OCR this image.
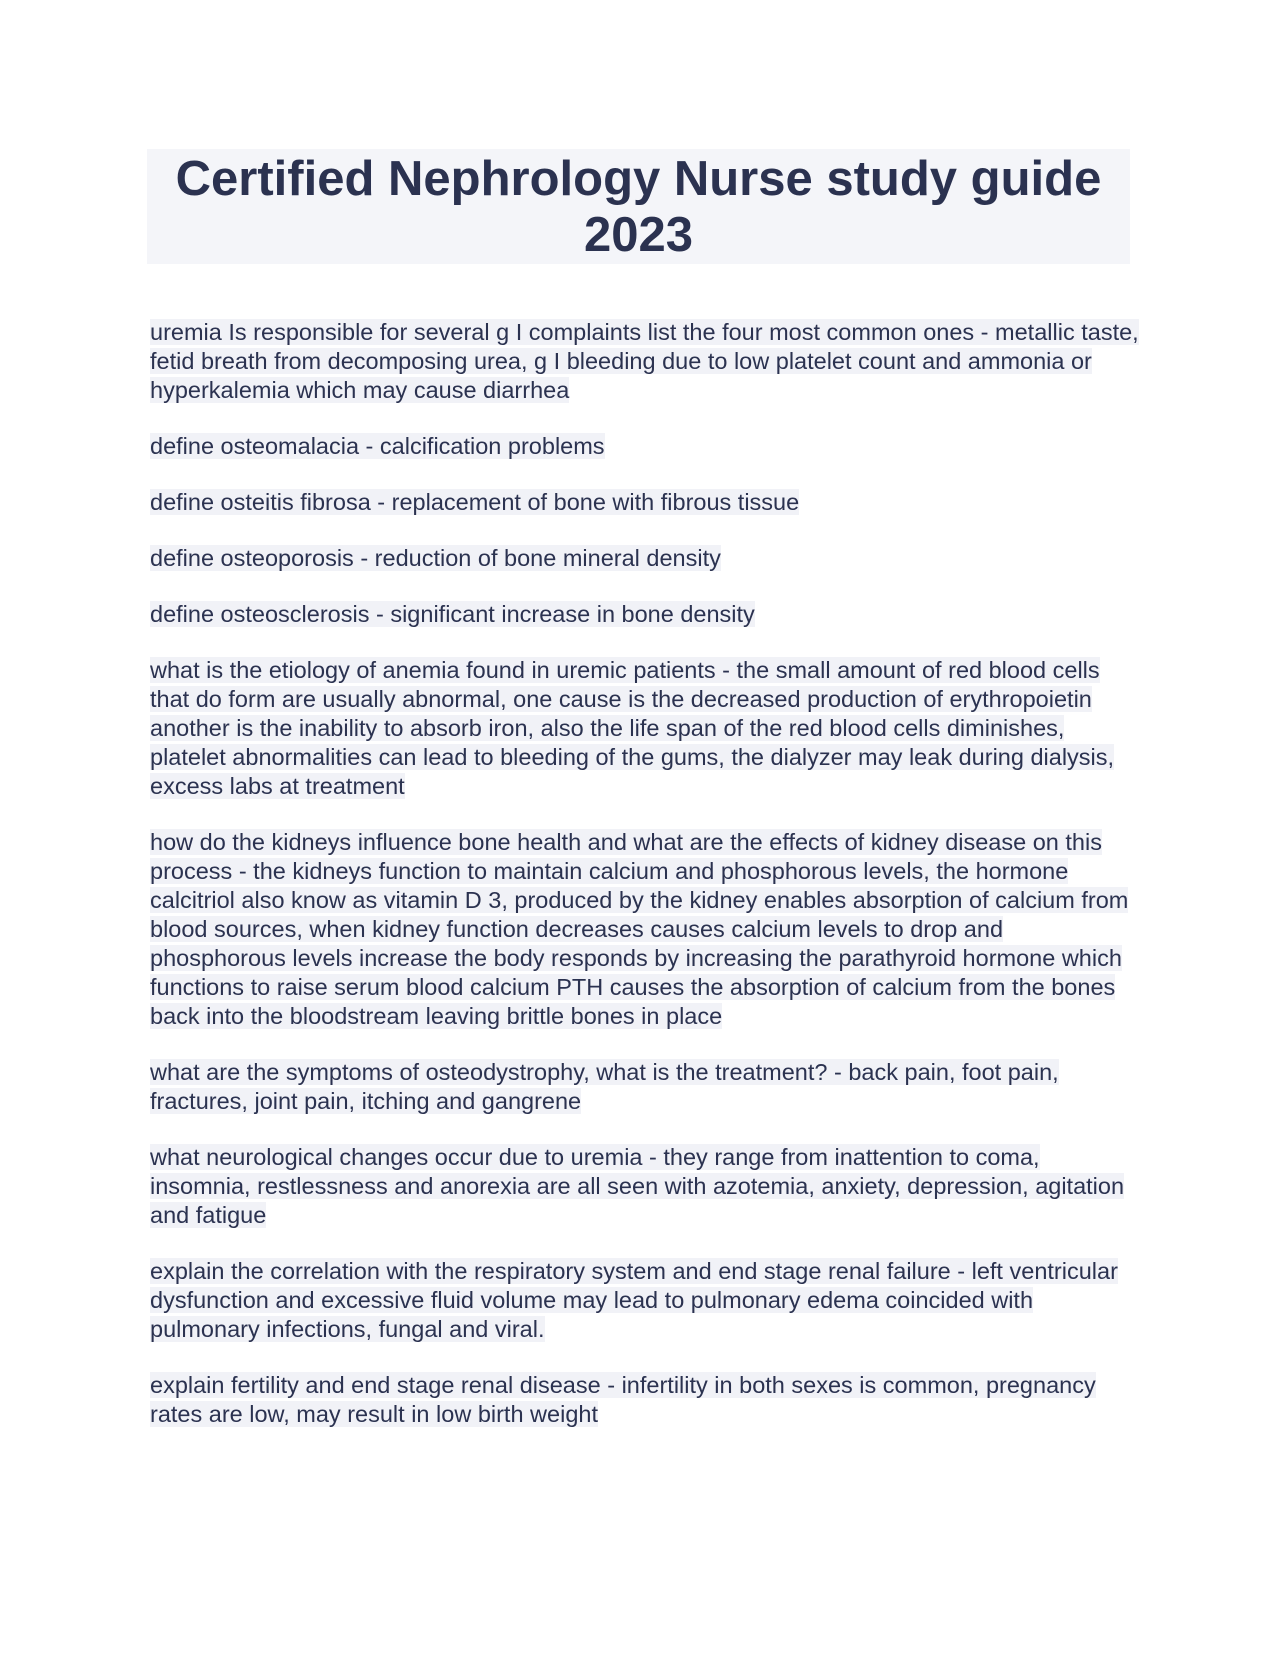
Certified Nephrology Nurse study guide
2023

uremia Is responsible for several g I complaints list the four most common ones - metallic taste, fetid breath from decomposing urea, g I bleeding due to low platelet count and ammonia or hyperkalemia which may cause diarrhea

define osteomalacia - calcification problems

define osteitis fibrosa - replacement of bone with fibrous tissue

define osteoporosis - reduction of bone mineral density

define osteosclerosis - significant increase in bone density

what is the etiology of anemia found in uremic patients - the small amount of red blood cells that do form are usually abnormal, one cause is the decreased production of erythropoietin another is the inability to absorb iron, also the life span of the red blood cells diminishes, platelet abnormalities can lead to bleeding of the gums, the dialyzer may leak during dialysis, excess labs at treatment

how do the kidneys influence bone health and what are the effects of kidney disease on this process - the kidneys function to maintain calcium and phosphorous levels, the hormone calcitriol also know as vitamin D 3, produced by the kidney enables absorption of calcium from blood sources, when kidney function decreases causes calcium levels to drop and phosphorous levels increase the body responds by increasing the parathyroid hormone which functions to raise serum blood calcium PTH causes the absorption of calcium from the bones back into the bloodstream leaving brittle bones in place

what are the symptoms of osteodystrophy, what is the treatment? - back pain, foot pain, fractures, joint pain, itching and gangrene

what neurological changes occur due to uremia - they range from inattention to coma, insomnia, restlessness and anorexia are all seen with azotemia, anxiety, depression, agitation and fatigue

explain the correlation with the respiratory system and end stage renal failure - left ventricular dysfunction and excessive fluid volume may lead to pulmonary edema coincided with pulmonary infections, fungal and viral.

explain fertility and end stage renal disease - infertility in both sexes is common, pregnancy rates are low, may result in low birth weight
